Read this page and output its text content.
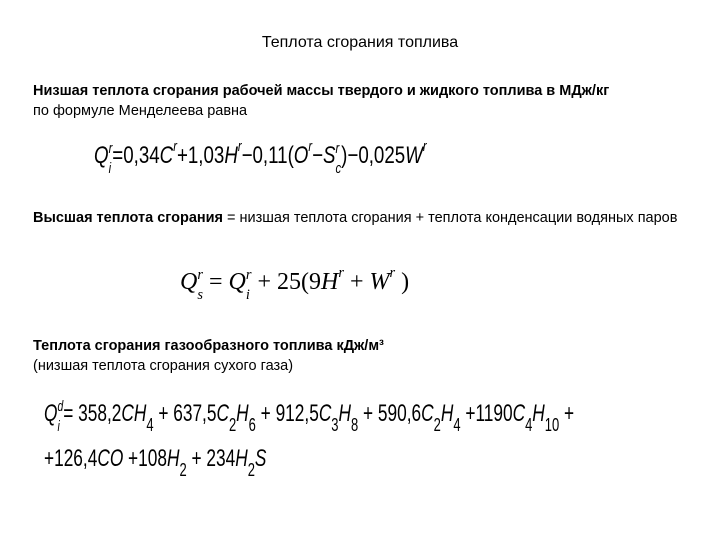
Теплота сгорания топлива
Низшая теплота сгорания рабочей массы твердого и жидкого топлива в МДж/кг
по формуле Менделеева равна
Q r
i
$=0,34C^r+1,03H^r-0,11(O^r-S$ r
c
)$-0,025W^r$
Высшая теплота сгорания = низшая теплота сгорания + теплота конденсации водяных паров
Q r
s
= Q r
i
+ $25(9H^r + W^r$ )
Теплота сгорания газообразного топлива кДж/м³
(низшая теплота сгорания сухого газа)
Q d
i
= $358,2CH_4 + 637,5C_2H_6 + 912,5C_3H_8 + 590,6C_2H_4 +1190C_4H_{10}$ +
$+126,4CO +108H_2 + 234H_2S$
